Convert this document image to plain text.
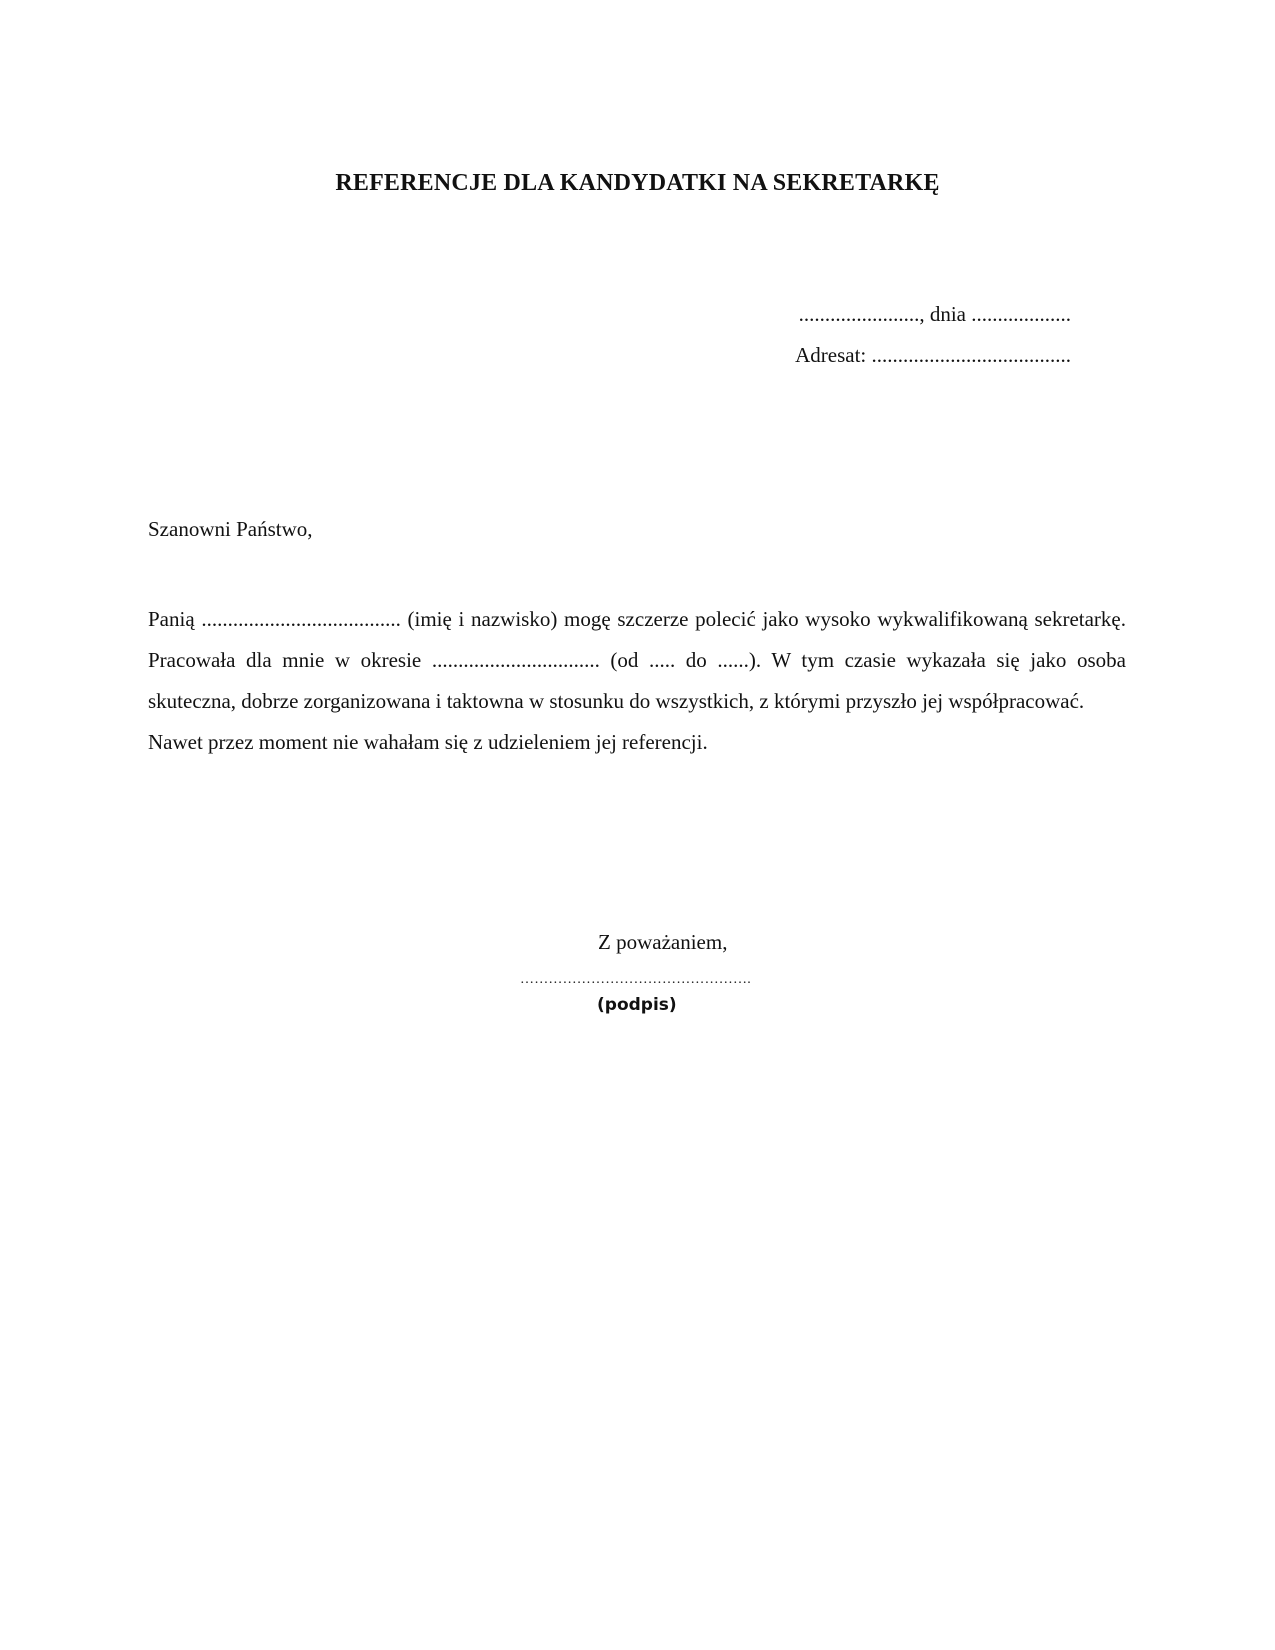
REFERENCJE DLA KANDYDATKI NA SEKRETARKĘ
......................., dnia ...................
Adresat: ......................................

Szanowni Państwo,

Panią ...................................... (imię i nazwisko) mogę szczerze polecić jako wysoko wykwalifikowaną sekretarkę. Pracowała dla mnie w okresie ................................ (od ..... do ......). W tym czasie wykazała się jako osoba skuteczna, dobrze zorganizowana i taktowna w stosunku do wszystkich, z którymi przyszło jej współpracować.

Nawet przez moment nie wahałam się z udzieleniem jej referencji.

Z poważaniem,

………………………………………….
(podpis)
